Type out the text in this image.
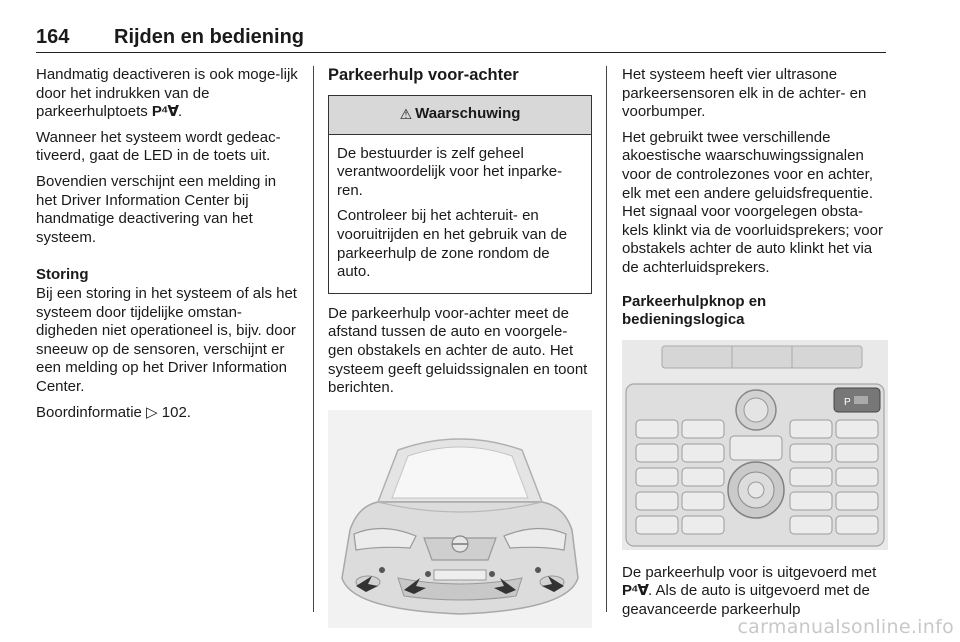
164 Rijden en bediening

Handmatig deactiveren is ook moge-lijk door het indrukken van de parkeerhulptoets P⁴Ɐ.

Wanneer het systeem wordt gedeac-tiveerd, gaat de LED in de toets uit.

Bovendien verschijnt een melding in het Driver Information Center bij handmatige deactivering van het systeem.

Storing

Bij een storing in het systeem of als het systeem door tijdelijke omstan-digheden niet operationeel is, bijv. door sneeuw op de sensoren, verschijnt er een melding op het Driver Information Center.

Boordinformatie ▷ 102.

Parkeerhulp voor-achter
⚠ Waarschuwing

De bestuurder is zelf geheel verantwoordelijk voor het inparke-ren.

Controleer bij het achteruit- en vooruitrijden en het gebruik van de parkeerhulp de zone rondom de auto.

De parkeerhulp voor-achter meet de afstand tussen de auto en voorgele-gen obstakels en achter de auto. Het systeem geeft geluidssignalen en toont berichten.

Het systeem heeft vier ultrasone parkeersensoren elk in de achter- en voorbumper.

Het gebruikt twee verschillende akoestische waarschuwingssignalen voor de controlezones voor en achter, elk met een andere geluidsfrequentie. Het signaal voor voorgelegen obsta-kels klinkt via de voorluidsprekers; voor obstakels achter de auto klinkt het via de achterluidsprekers.

Parkeerhulpknop en bedieningslogica
P

De parkeerhulp voor is uitgevoerd met P⁴Ɐ. Als de auto is uitgevoerd met de geavanceerde parkeerhulp

carmanualsonline.info
